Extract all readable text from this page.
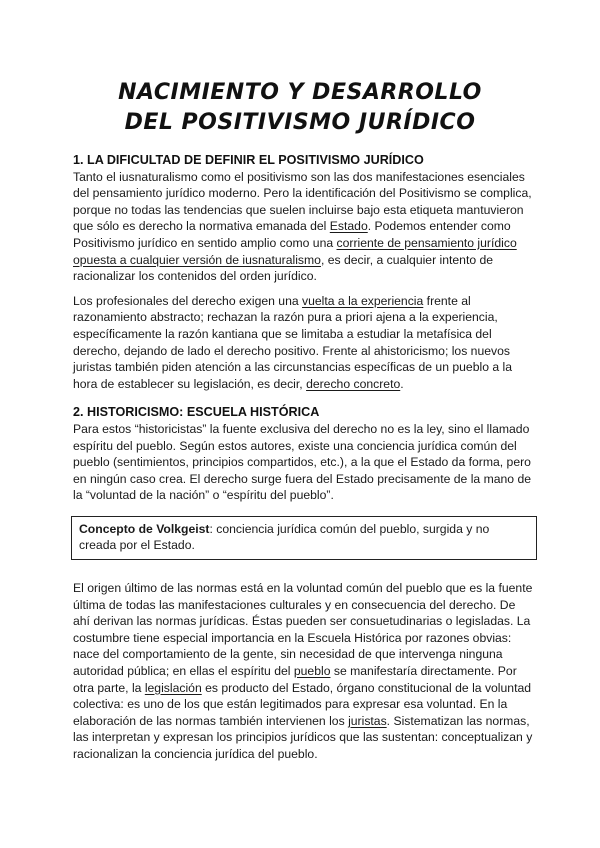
NACIMIENTO Y DESARROLLO
DEL POSITIVISMO JURÍDICO
1. LA DIFICULTAD DE DEFINIR EL POSITIVISMO JURÍDICO

Tanto el iusnaturalismo como el positivismo son las dos manifestaciones esenciales del pensamiento jurídico moderno. Pero la identificación del Positivismo se complica, porque no todas las tendencias que suelen incluirse bajo esta etiqueta mantuvieron que sólo es derecho la normativa emanada del Estado. Podemos entender como Positivismo jurídico en sentido amplio como una corriente de pensamiento jurídico opuesta a cualquier versión de iusnaturalismo, es decir, a cualquier intento de racionalizar los contenidos del orden jurídico.

Los profesionales del derecho exigen una vuelta a la experiencia frente al razonamiento abstracto; rechazan la razón pura a priori ajena a la experiencia, específicamente la razón kantiana que se limitaba a estudiar la metafísica del derecho, dejando de lado el derecho positivo. Frente al ahistoricismo; los nuevos juristas también piden atención a las circunstancias específicas de un pueblo a la hora de establecer su legislación, es decir, derecho concreto.

2. HISTORICISMO: ESCUELA HISTÓRICA

Para estos “historicistas” la fuente exclusiva del derecho no es la ley, sino el llamado espíritu del pueblo. Según estos autores, existe una conciencia jurídica común del pueblo (sentimientos, principios compartidos, etc.), a la que el Estado da forma, pero en ningún caso crea. El derecho surge fuera del Estado precisamente de la mano de la “voluntad de la nación” o “espíritu del pueblo”.

Concepto de Volkgeist: conciencia jurídica común del pueblo, surgida y no creada por el Estado.

El origen último de las normas está en la voluntad común del pueblo que es la fuente última de todas las manifestaciones culturales y en consecuencia del derecho. De ahí derivan las normas jurídicas. Éstas pueden ser consuetudinarias o legisladas. La costumbre tiene especial importancia en la Escuela Histórica por razones obvias: nace del comportamiento de la gente, sin necesidad de que intervenga ninguna autoridad pública; en ellas el espíritu del pueblo se manifestaría directamente. Por otra parte, la legislación es producto del Estado, órgano constitucional de la voluntad colectiva: es uno de los que están legitimados para expresar esa voluntad. En la elaboración de las normas también intervienen los juristas. Sistematizan las normas, las interpretan y expresan los principios jurídicos que las sustentan: conceptualizan y racionalizan la conciencia jurídica del pueblo.
